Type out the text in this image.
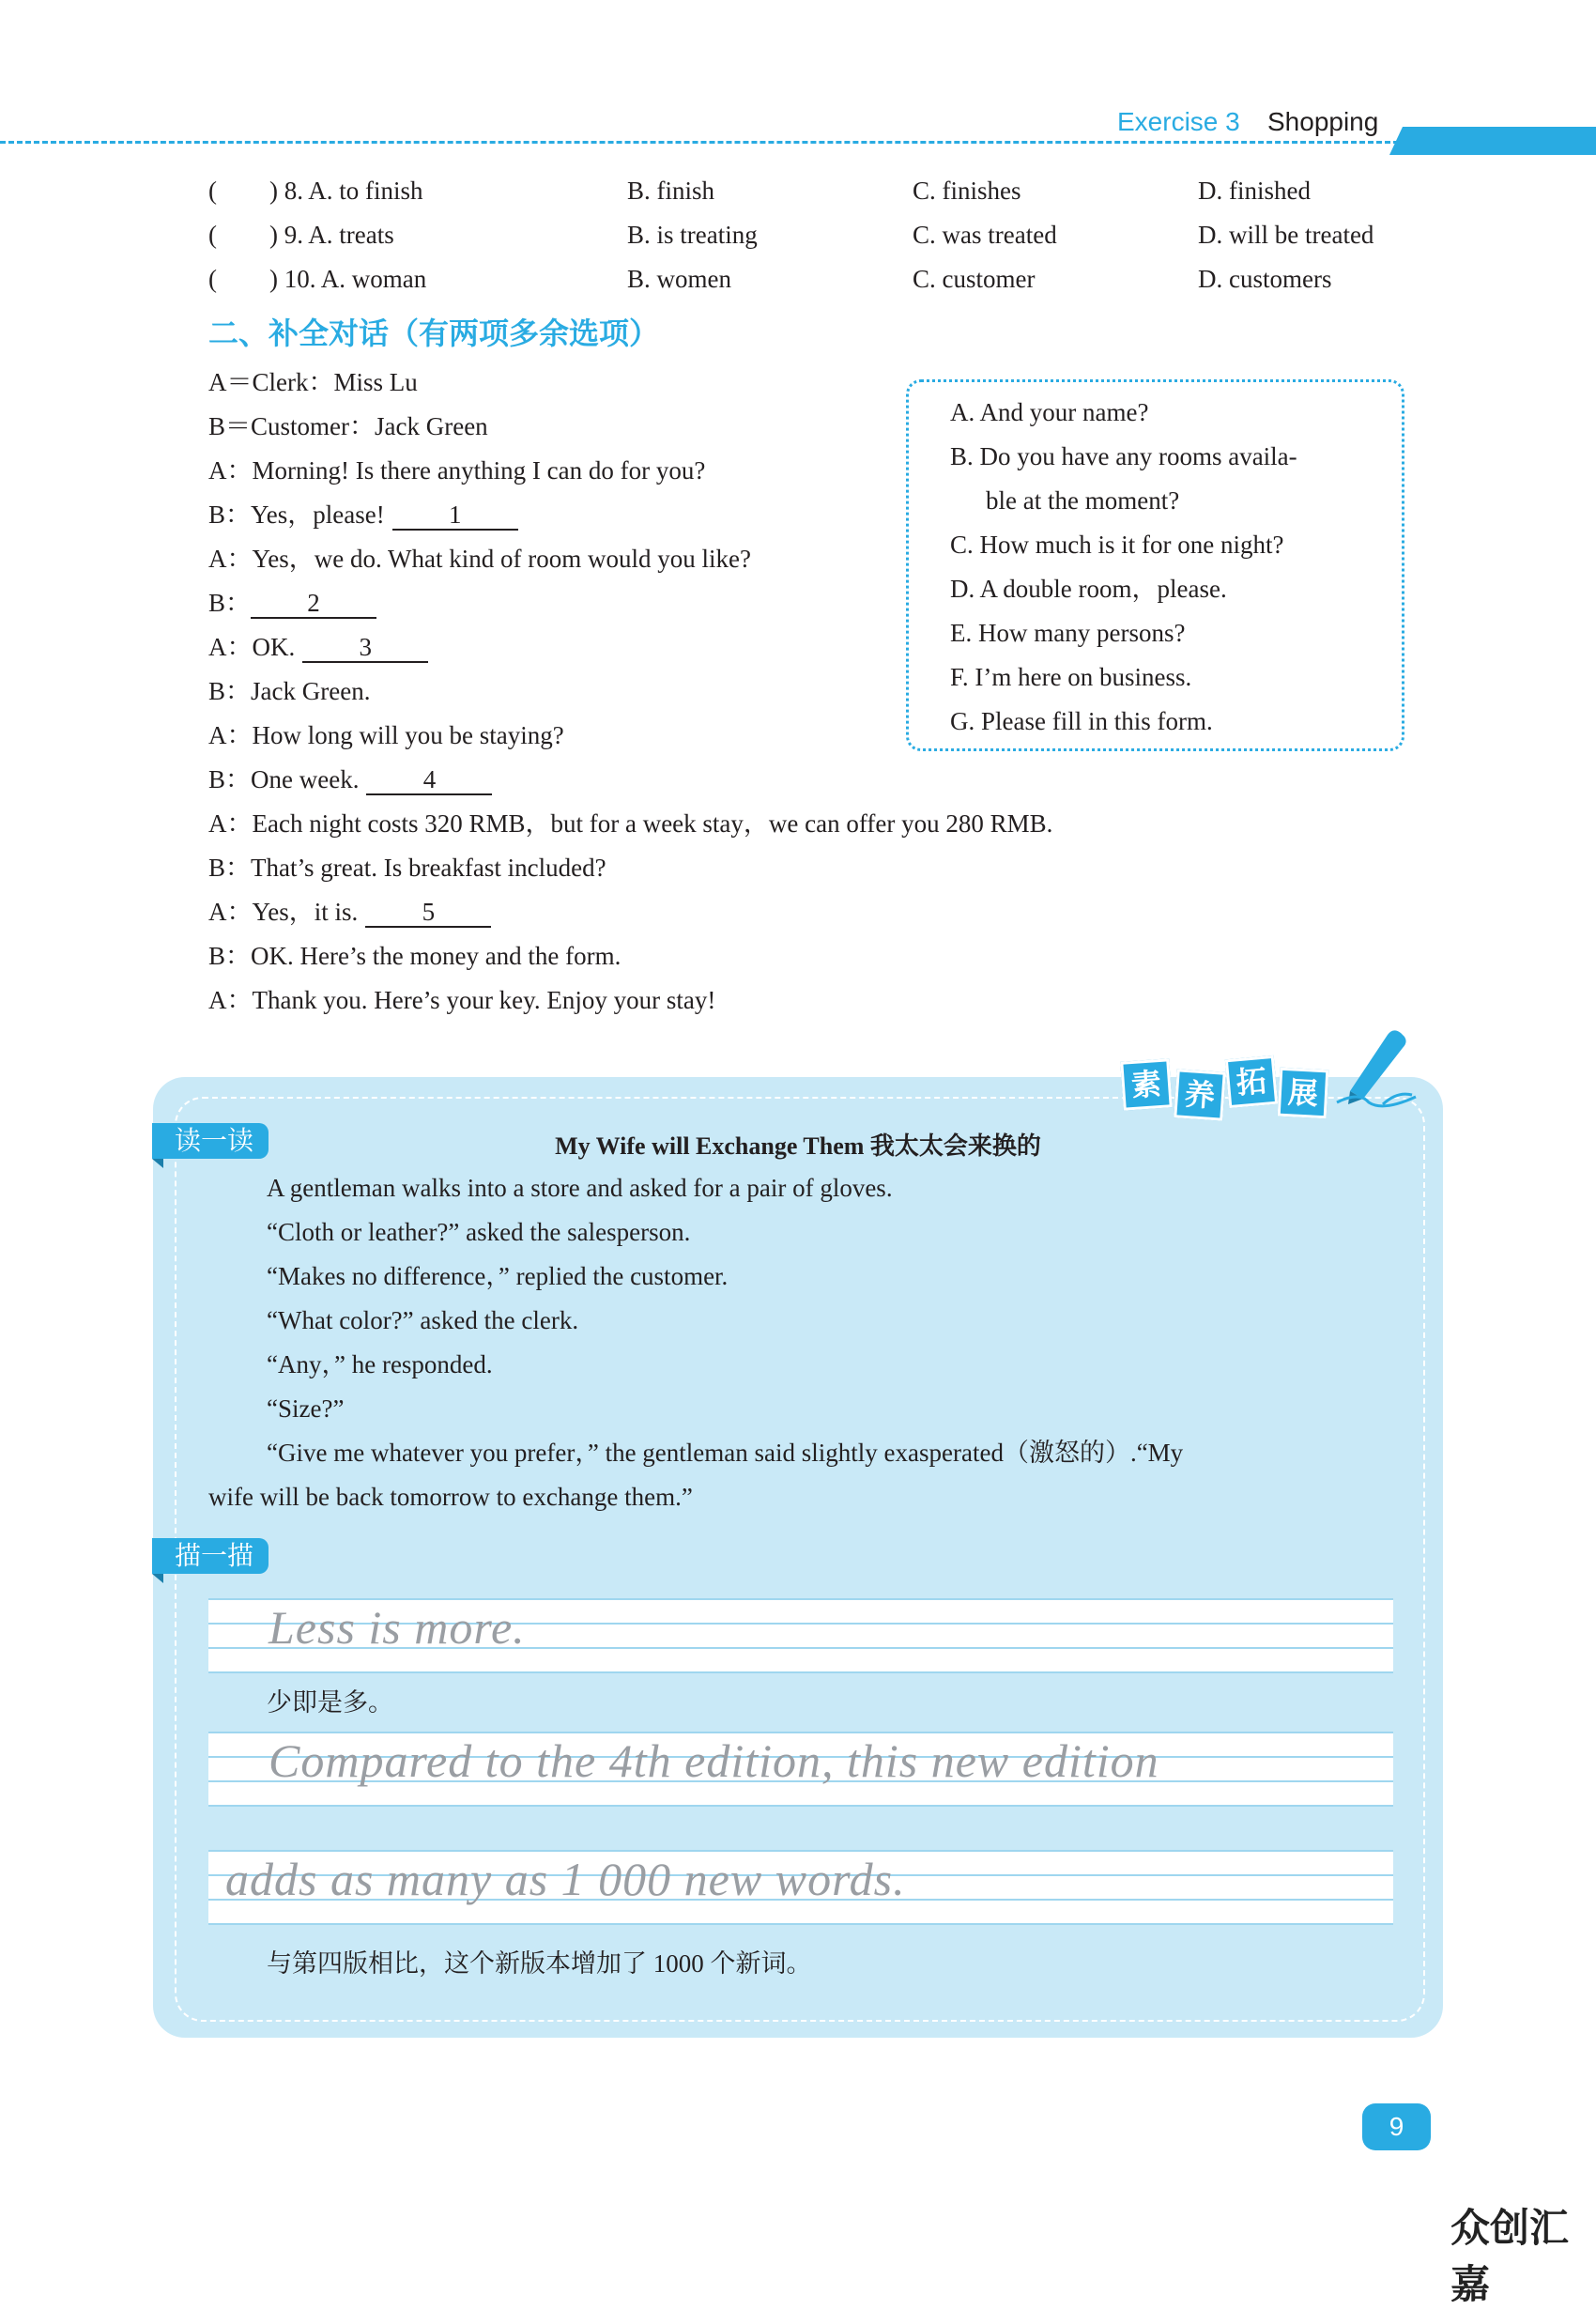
Exercise 3 Shopping
( ) 8. A. to finish	B. finish	C. finishes	D. finished
( ) 9. A. treats	B. is treating	C. was treated	D. will be treated
( ) 10. A. woman	B. women	C. customer	D. customers
二、补全对话（有两项多余选项）
A＝Clerk：Miss Lu
B＝Customer：Jack Green
A：Morning! Is there anything I can do for you?
B：Yes，please!	1
A：Yes，we do. What kind of room would you like?
B： 2
A：OK.	3
B：Jack Green.
A：How long will you be staying?
B：One week.	4
A：Each night costs 320 RMB，but for a week stay，we can offer you 280 RMB.
B：That’s great. Is breakfast included?
A：Yes，it is.	5
B：OK. Here’s the money and the form.
A：Thank you. Here’s your key. Enjoy your stay!
A. And your name?
B. Do you have any rooms availa-
ble at the moment?
C. How much is it for one night?
D. A double room，please.
E. How many persons?
F. I’m here on business.
G. Please fill in this form.
素 养 拓 展
读一读	My Wife will Exchange Them 我太太会来换的
A gentleman walks into a store and asked for a pair of gloves.
“Cloth or leather?” asked the salesperson.
“Makes no difference，” replied the customer.
“What color?” asked the clerk.
“Any，” he responded.
“Size?”
“Give me whatever you prefer，” the gentleman said slightly exasperated（激怒的）.“My
wife will be back tomorrow to exchange them.”
描一描
Less is more.
少即是多。
Compared to the 4th edition, this new edition
adds as many as 1 000 new words.
与第四版相比，这个新版本增加了 1000 个新词。
9
众创汇嘉
